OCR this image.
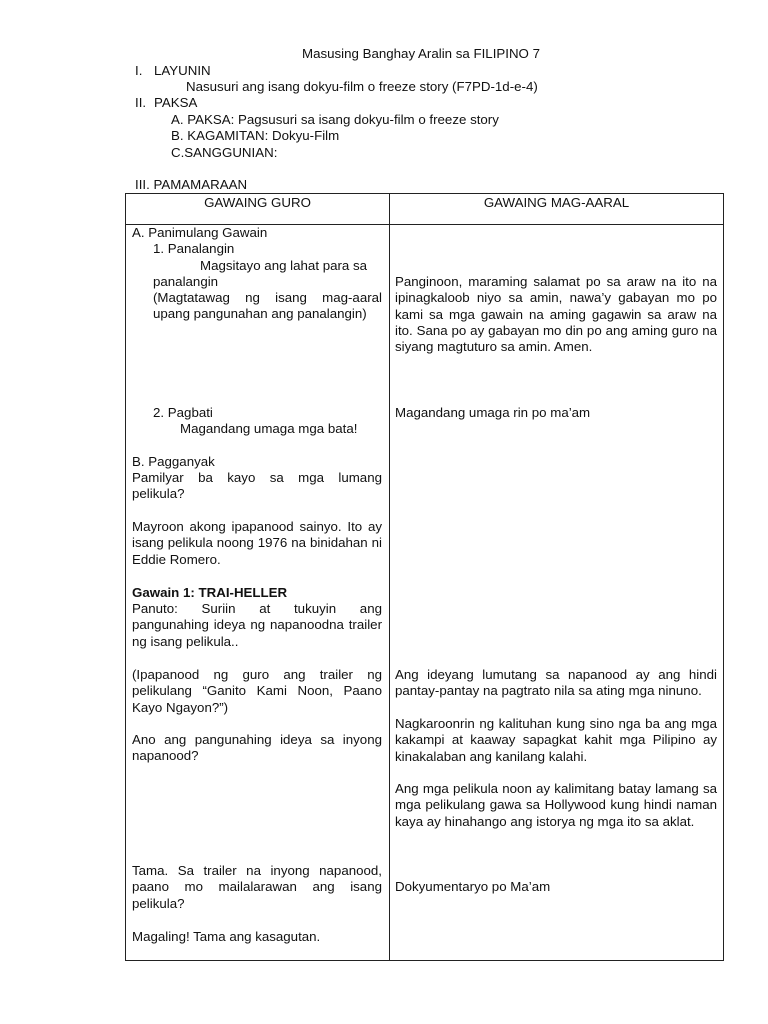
Masusing Banghay Aralin sa FILIPINO 7
I. LAYUNIN
Nasusuri ang isang dokyu-film o freeze story (F7PD-1d-e-4)
II. PAKSA
A. PAKSA: Pagsusuri sa isang dokyu-film o freeze story
B. KAGAMITAN: Dokyu-Film
C.SANGGUNIAN:
III. PAMAMARAAN
GAWAING GURO	GAWAING MAG-AARAL
A. Panimulang Gawain
1. Panalangin
Magsitayo ang lahat para sa
panalangin
(Magtatawag ng isang mag-aaral upang pangunahan ang panalangin)
2. Pagbati
Magandang umaga mga bata!
B. Pagganyak
Pamilyar ba kayo sa mga lumang pelikula?
Mayroon akong ipapanood sainyo. Ito ay isang pelikula noong 1976 na binidahan ni Eddie Romero.
Gawain 1: TRAI-HELLER
Panuto: Suriin at tukuyin ang pangunahing ideya ng napanoodna trailer ng isang pelikula..
(Ipapanood ng guro ang trailer ng pelikulang “Ganito Kami Noon, Paano Kayo Ngayon?”)
Ano ang pangunahing ideya sa inyong napanood?
Tama. Sa trailer na inyong napanood, paano mo mailalarawan ang isang pelikula?
Magaling! Tama ang kasagutan.
Panginoon, maraming salamat po sa araw na ito na ipinagkaloob niyo sa amin, nawa’y gabayan mo po kami sa mga gawain na aming gagawin sa araw na ito. Sana po ay gabayan mo din po ang aming guro na siyang magtuturo sa amin. Amen.
Magandang umaga rin po ma’am
Ang ideyang lumutang sa napanood ay ang hindi pantay-pantay na pagtrato nila sa ating mga ninuno.
Nagkaroonrin ng kalituhan kung sino nga ba ang mga kakampi at kaaway sapagkat kahit mga Pilipino ay kinakalaban ang kanilang kalahi.
Ang mga pelikula noon ay kalimitang batay lamang sa mga pelikulang gawa sa Hollywood kung hindi naman kaya ay hinahango ang istorya ng mga ito sa aklat.
Dokyumentaryo po Ma’am
